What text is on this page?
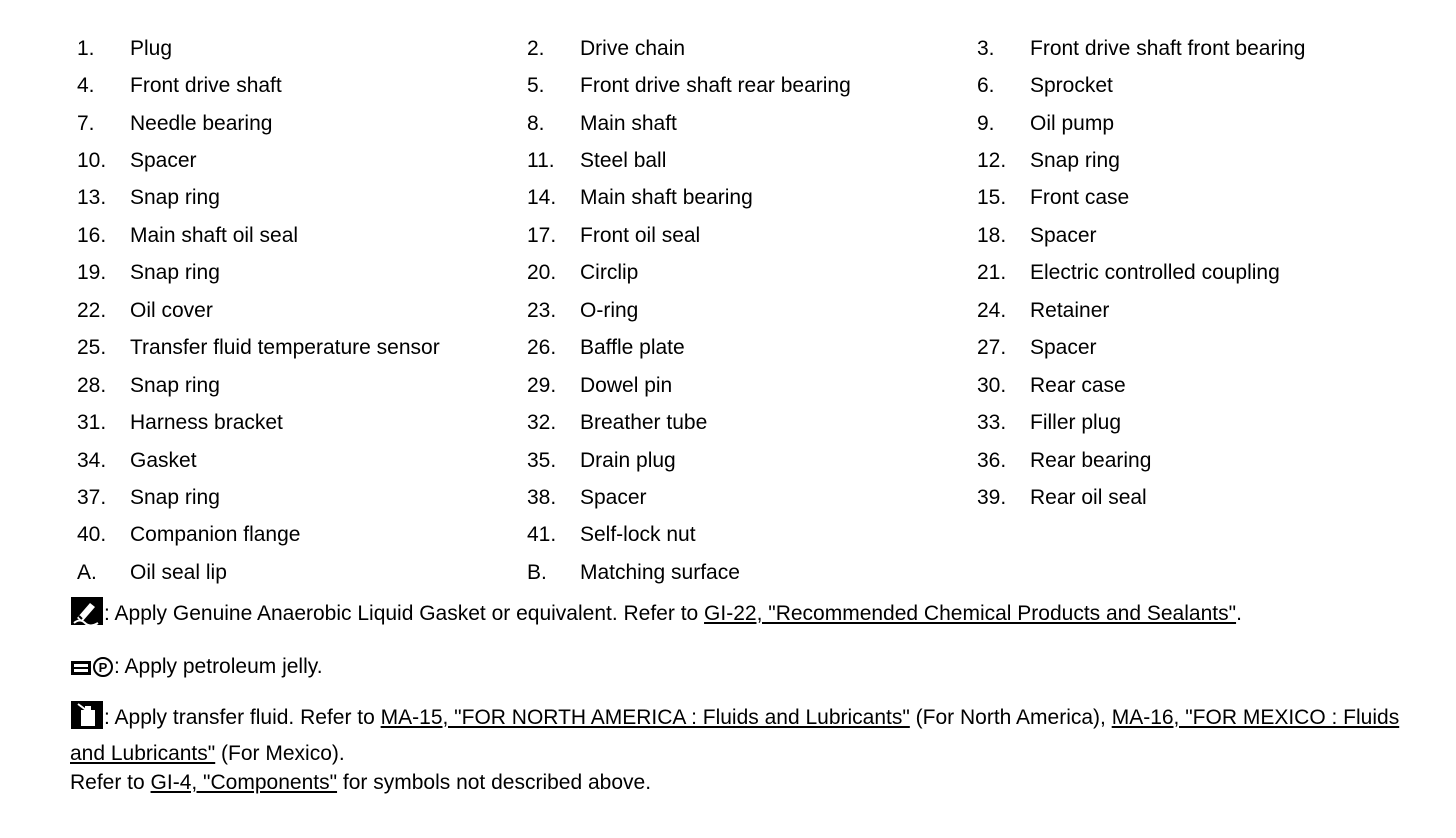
1.	Plug	2.	Drive chain	3.	Front drive shaft front bearing
4.	Front drive shaft	5.	Front drive shaft rear bearing	6.	Sprocket
7.	Needle bearing	8.	Main shaft	9.	Oil pump
10.	Spacer	11.	Steel ball	12.	Snap ring
13.	Snap ring	14.	Main shaft bearing	15.	Front case
16.	Main shaft oil seal	17.	Front oil seal	18.	Spacer
19.	Snap ring	20.	Circlip	21.	Electric controlled coupling
22.	Oil cover	23.	O-ring	24.	Retainer
25.	Transfer fluid temperature sensor	26.	Baffle plate	27.	Spacer
28.	Snap ring	29.	Dowel pin	30.	Rear case
31.	Harness bracket	32.	Breather tube	33.	Filler plug
34.	Gasket	35.	Drain plug	36.	Rear bearing
37.	Snap ring	38.	Spacer	39.	Rear oil seal
40.	Companion flange	41.	Self-lock nut
A.	Oil seal lip	B.	Matching surface
: Apply Genuine Anaerobic Liquid Gasket or equivalent. Refer to GI-22, "Recommended Chemical Products and Sealants".
P : Apply petroleum jelly.
: Apply transfer fluid. Refer to MA-15, "FOR NORTH AMERICA : Fluids and Lubricants" (For North America), MA-16, "FOR MEXICO : Fluids and Lubricants" (For Mexico).
Refer to GI-4, "Components" for symbols not described above.
